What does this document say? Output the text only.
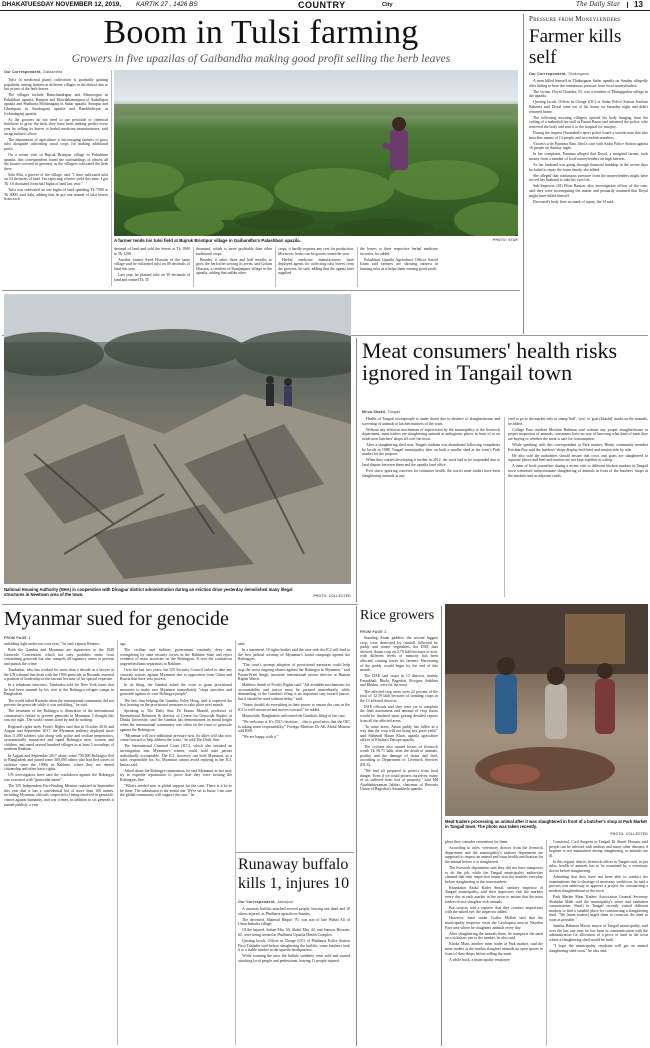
DHAKA
TUESDAY NOVEMBER 12, 2019, KARTIK 27 , 1426 BS	COUNTRY	City	The Daily Star 13
Boom in Tulsi farming
Growers in five upazilas of Gaibandha making good profit selling the herb leaves
Our Correspondent, Gaibandha

Tulsi (a medicinal plant) cultivation is gradually gaining popularity among farmers at different villages in the district due to fair prices of the herb leaves.

The villages include Bamchandrapur and Mamirajpur in Palashbari upazila, Ramjan and Khordakamarpara of Sadullapur upazila and Shatbaria Mohimaganj in Sadar upazila, Sonapur and Ghoshpara in Sundarganj upazila and Ramkhidirpur in Gobindaganj upazila.

As the growers do not need to use pesticide or chemical fertilisers to grow the herb, they have been making profits every year by selling its leaves to herbal medicine manufacturers, said an agriculture officer.

The department of agriculture is encouraging farmers to grow tulsi alongside cultivating usual crops for making additional profit.

On a recent visit to Bujruk Bristipur village in Palashbari upazila, this correspondent found the surroundings of almost all the houses covered in greenery as the villagers cultivated the herb there.

Salu Mia, a grower of the village, said "I have cultivated tulsi on 54 decimals of land. I'm expecting a better yield this time. I got Tk 1.6 thousand from half bigha of land last year."

Tulsi was cultivated on one bigha of land spending Tk 7000 to Tk 8000, said Salu, adding that he got one maund of tulsi leaves from each

A farmer tends his tulsi field at Bujruk Bristipur village in Gaibandha's Palashbari upazila.	PHOTO: STAR

decimal of land and sold the leaves at Tk 1000 to Tk 1200.

Another farmer Syed Hossain of the same village said he cultivated tulsi on 80 decimals of land this year.

Last year, he planted tulsi on 30 decimals of land and earned Tk 35

thousand, which is more profitable than other traditional crops.

Besides, it takes three and half months to grow the herb after sowing its seeds, said Golam Hossain, a resident of Ramjanpara village in the upazila, adding that unlike other

crops, it hardly requires any cost for production. Moreover, herbs can be grown round the year.

Herbal medicine manufacturers have deployed agents for collecting tulsi leaves from the growers, he said, adding that the agents later supplied

the leaves to their respective herbal medicine factories, he added.

Palashbari Upazila Agriculture Officer Azizul Islam said farmers are showing interest in farming tulsi as it helps them earning good profit.

Pressure from Moneylenders
Farmer kills self
Our Correspondent, Thakurgaon

A man killed himself in Thakurgaon Sadar upazila on Sunday allegedly after failing to bear the continuous pressure from local moneylenders.

The victim, Doyal Chandra, 55, was a resident of Dhangipukur village in the upazila.

Quoting locals, Officer in Charge (OC) of Sadar Police Station Joinlam Bahonta said Doyal went out of his house on Saturday night and didn't returned home.

The following morning villagers spotted his body hanging from the ceiling of a makeshift tea stall at Pasani Bazar and informed the police, who retrieved the body and sent it to the hospital for autopsy.

During the inquest (Suratahal) report police found a suicide note that also inscribes names of 14 people and two mobile numbers.

Victim's wife Purnima Rani filed a case with Sadar Police Station against 16 people on Sunday night.

In her complaint, Purnima alleged that Doyal, a marginal farmer, took money from a number of local moneylenders on high interest.

As her husband was going through financial hardship in the recent days he failed to repay the loans timely, she added.

She alleged that continuous pressure from the moneylenders might have forced her husband to take his own life.

Sub-Inspector (SI) Pilon Ranjan, also investigation officer of the case, said they were investigating the matter and primarily assumed that Doyal might have killed himself.

Deceased's body bore no mark of injury, the SI said.

National Housing Authority (NHA) in cooperation with Dinajpur district administration during an eviction drive yesterday demolished many illegal structures in Newtown area of the town.	PHOTO: COLLECTED
Meat consumers' health risks ignored in Tangail town
Mirza Shakil, Tangail

Health of Tangail townspeople is under threat due to absence of slaughterhouse and screening of animals at kitchen markets of the town.

Without any effective mechanism of supervision by the municipality or the livestock department, meat traders are slaughtering animals at unhygienic places in front of or on roads near butchers' shops all over the town.

After a slaughtering shed near Tangail stadium was abandoned following complaints by locals in 1988, Tangail municipality later on built a smaller shed at the town's Park market for the purpose.

When they started developing it further in 2012, the work had to be suspended due to land dispute between them and the upazila land office.

Ever since, ignoring concerns for consumer health, the town's meat traders have been slaughtering animals at any

yard to go to the market only to stamp 'bull', 'cow' or 'goat (khashi)' marks on the animals, he added.

College Para resident Moshiur Rahman said without any proper slaughterhouse or proper inspection of animals, consumers have no way of knowing what kind of meat they are buying or whether the meat is safe for consumption.

While speaking with this correspondent at Park market, Hindu community member Krishna Roy said the butchers' shops display both beef and mutton side by side.

He also said the authorities should ensure that cows and goats are slaughtered in separate places and beef and mutton are not kept together at a shop.

A team of local journalists during a recent visit to different kitchen markets in Tangail town witnessed indiscriminate slaughtering of animals in front of the butchers' shops at the markets and on adjacent roads.

Myanmar sued for genocide
FROM PAGE 1

unfolding right under our own eyes," he said. reports Reuters.

Both the Gambia and Myanmar are signatories to the 1948 Genocide Convention, which not only prohibits states from committing genocide but also compels all signatory states to prevent and punish the crime.

Tambadou, who has worked for more than a decade as a lawyer at the UN tribunal that dealt with the 1994 genocide in Rwanda, asserted a position of leadership in the lawsuit because of his special expertise.

In a telephone interview, Tambadou told the New York times that he had been stunned by his visit to the Rohingya refugee camps in Bangladesh.

The world failed Rwanda when the international community did not prevent the genocide while it was unfolding," he said.

The treatment of the Rohingya is illustrative of the international community's failure to prevent genocide in Myanmar. I thought this was not right. The world cannot stand by and do nothing.

Regional rights body Fortify Rights said that in October 2016 and August and September 2017, the Myanmar military deployed more than 11,000 soldiers who along with police and civilian perpetrators, systematically massacred and raped Rohingya men, women and children, and razed several hundred villages in at least 5 townships of northern Rakhine.

In August and September 2017 alone, some 750,000 Rohingya fled to Bangladesh and joined some 300,000 others who had fled waves of violence since the 1990s in Rakhine, where they are denied citizenship and other basic rights.

UN investigators have said the crackdown against the Rohingya was executed with "genocidal intent".

The UN Independent Fact-Finding Mission reported in September this year that it has a confidential list of more than 100 names, including Myanmar officials, suspected of being involved in genocide, crimes against humanity, and war crimes, in addition to six generals it named publicly a year

ago.

The civilian and military government routinely deny any wrongdoing by state security forces in the Rakhine State and reject evidence of mass atrocities on the Rohingyas. It sees the crackdown targeted militant separatists in Rakhine.

Over the last two years, the UN Security Council failed to take any concrete actions against Myanmar due to opposition from China and Russia that have veto powers.

In its filing, the Gambia asked the court to grant provisional measures to make sure Myanmar immediately "stops atrocities and genocide against its own Rohingya people".

The law firm helping the Gambia, Foley Hoag, said it expected the first hearing on the provisional measures to take place next month.

Speaking to The Daily Star, Dr Emma Mamid, professor of International Relations & director of Centre for Genocide Studies at Dhaka University, said the Gambia has demonstrated its moral height when the international community was silent on the issue of genocide against the Rohingyas.

"Myanmar will face additional pressure now. Its allies will also now come forward to help address the crisis," he told The Daily Star.

The International Criminal Court (ICC), which also initiated an investigation into Myanmar's crimes, could hold state parties individually accountable. The ICJ, however, can hold Myanmar, as a state, responsible for. So, Myanmar cannot avoid replying to the ICJ, Imtiaz said.

Asked about the Rohingya repatriation, he said Myanmar in fact may try to expedite repatriation to prove that they were treating the Rohingyas fine.

"What's needed now is global support for the case. There is a lot to be done. The submission is the initial one. We're set to know, I am sure the global community will support the case," he

said.

In a statement, 10 rights bodies said the case with the ICJ will lead to the first judicial scrutiny of Myanmar's brutal campaign against the Rohingyas.

"The court's prompt adoption of provisional measures could help stop the worst ongoing abuses against the Rohingya in Myanmar," said Param-Preet Singh, associate international justice director at Human Rights Watch.

Matthew Smith of Fortify Rights said: "All available mechanisms for accountability and justice must be pursued immediately, while dismantling of the Gambia's filing is an important step toward justice, but it should be used without delay," said.

"States should do everything in their power to ensure the case in the ICJ is well resourced and moves forward," he added.

Meanwhile, Bangladesh welcomed the Gambia's filing of the case.

"We welcome it. It's OIC's decision ... this is good news that the OIC is taking some responsibility," Foreign Minister Dr AK Abdul Momen told BSS.

"We are happy with it."

Runaway buffalo kills 1, injures 10
Our Correspondent, Jamalpur

A runaway buffalo attacked several people, leaving one dead and 10 others injured, in Phulbaria upazila on Sunday.

The deceased, Shamsul Haque, 70, was son of late Wahid Ali of Umar Imbalia village.

Of the injured, Sultan Mia, 50, Abdul Mia, 42, and Sanwar Hossain, 65, were being treated at Phulbaria Upazila Health Complex.

Quoting locals, Officer in Charge (OC) of Phulbaria Police Station Firoj Talukder said before slaughtering the buffalo, some butchers took it to a stable market in the upazila headquarters.

While roaming the area, the buffalo suddenly went wild and started attacking local people and pedestrians, leaving 11 people injured.

Rice growers
FROM PAGE 1

Standing Aman paddies, the second biggest crop, were destroyed by rainfall, followed by paddy and winter vegetables, the DAE data showed. Aman crop on 2,70 lakh hectares of area, with different levels of maturity has been affected, causing losses for farmers. Harvesting of the paddy would begin by the end of this month.

The DAE said crops in 13 districts, mainly Patuakhali, Bhola, Bagerhat, Pirojpur, Satkhira and Khulna, were hit the most.

The affected crop areas were 22 percent of the total of 12.59 lakh hectares of standing crops in the 13 affected districts.

DAE officials said they were yet to complete the final assessment and amount of crop losses would be finalised upon getting detailed reports from all the affected areas.

"In some areas, Aman paddy has fallen in a way that the crop will not bring any good yield," said Shibendi Hasan Khan, upazila agriculture officer at Khulna's Dacope upazila.

The cyclone also caused losses of livestock worth Tk 50.71 lakh, after the death of animals, poultry and the damage of farms and feed, according to Department of Livestock Services (DLS).

"We had all prepared to protect from food danger. Even if we could protect ourselves, many of us suffered from loss of property," said Md Ajaddaduzzaman Jaldurr, chairman of Bewarta Union of Bagerhat's Sarankhola upazila.

Meat traders processing an animal after it was slaughtered in front of a butcher's shop at Park Market in Tangail town. The photo was taken recently.
PHOTO: COLLECTED

place they consider convenient for them.

According to rules, veterinary doctors from the livestock department and the municipality's sanitary department are supposed to inspect an animal and issue health certification for the animal before it is slaughtered.

The livestock department said they did not have manpower to do the job, while the Tangail municipality authorities claimed that their inspection teams visit the markets everyday before slaughtering at the town markets.

Khandakar Abdul Kader Sinial, sanitary inspector of Tangail municipality, said their inspectors visit the markets every day at each market in the town to ensure that the meat traders do not slaughter sick animals.

But sources told a reporter that they conduct inspections with the naked eye, the inspector added.

However, meat trader Gaffar Mollah said that the municipality inspector visits the Lawhapara area in Nayabar Para area where he slaughters animals every day.

After slaughtering the animals there, he transports the meat on a rickshaw van to the market, he also said.

Khoka Mian, another meat trader at Park market, said the meat traders at the market slaughter animals on open spaces in front of their shops before selling the meat.

A while back, a municipality employee

Contacted, Civil Surgeon in Tangail Dr Sharif Hossain said people can be infected with anthrax and many other diseases if hygiene is not maintained during slaughtering or animals are ill.

In this regard, district livestock officer in Tangail said, as per rules, health of animals has to be examined by a veterinary doctor before slaughtering.

Admitting that they have not been able to conduct the examinations due to shortage of necessary workforce, he said a process was underway to approve a project for constructing a modern slaughterhouse in the town.

Park Market Meat Traders Association General Secretary Shahidur Miah said the municipality's street and sanitation commissioner (Sinti) in Tangail recently visited different markets to find a suitable place for constructing a slaughtering shed. "We [meat traders] urged them to construct the shed as soon as possible."

Jamilur Rahman Miron, mayor of Tangail municipality, said over the last one year, he has been in communication with the administration for allocation of a piece of land in the town where a slaughtering shed would be built.

"I hope the municipality residents will get an animal slaughtering shed soon," he also said.
